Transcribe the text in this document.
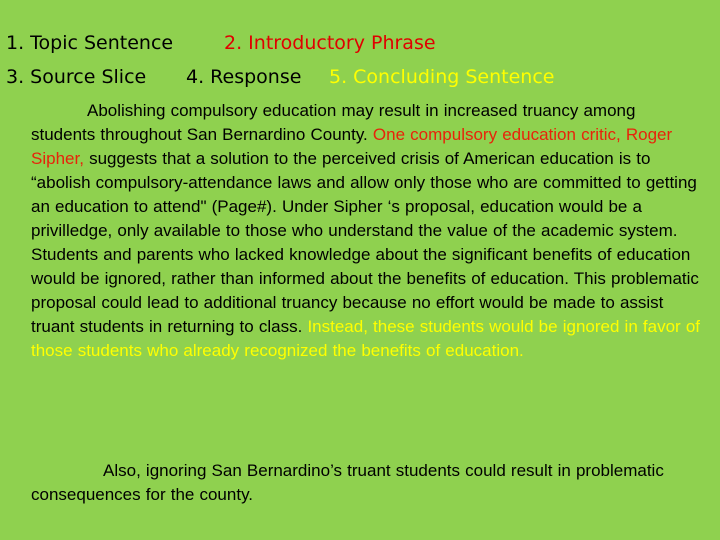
1. Topic Sentence	2. Introductory Phrase
3. Source Slice 4. Response 5. Concluding Sentence

Abolishing compulsory education may result in increased truancy among students throughout San Bernardino County. One compulsory education critic, Roger Sipher, suggests that a solution to the perceived crisis of American education is to “abolish compulsory-attendance laws and allow only those who are committed to getting an education to attend" (Page#). Under Sipher ‘s proposal, education would be a privilledge, only available to those who understand the value of the academic system. Students and parents who lacked knowledge about the significant benefits of education would be ignored, rather than informed about the benefits of education. This problematic proposal could lead to additional truancy because no effort would be made to assist truant students in returning to class. Instead, these students would be ignored in favor of those students who already recognized the benefits of education.

Also, ignoring San Bernardino’s truant students could result in problematic consequences for the county.
